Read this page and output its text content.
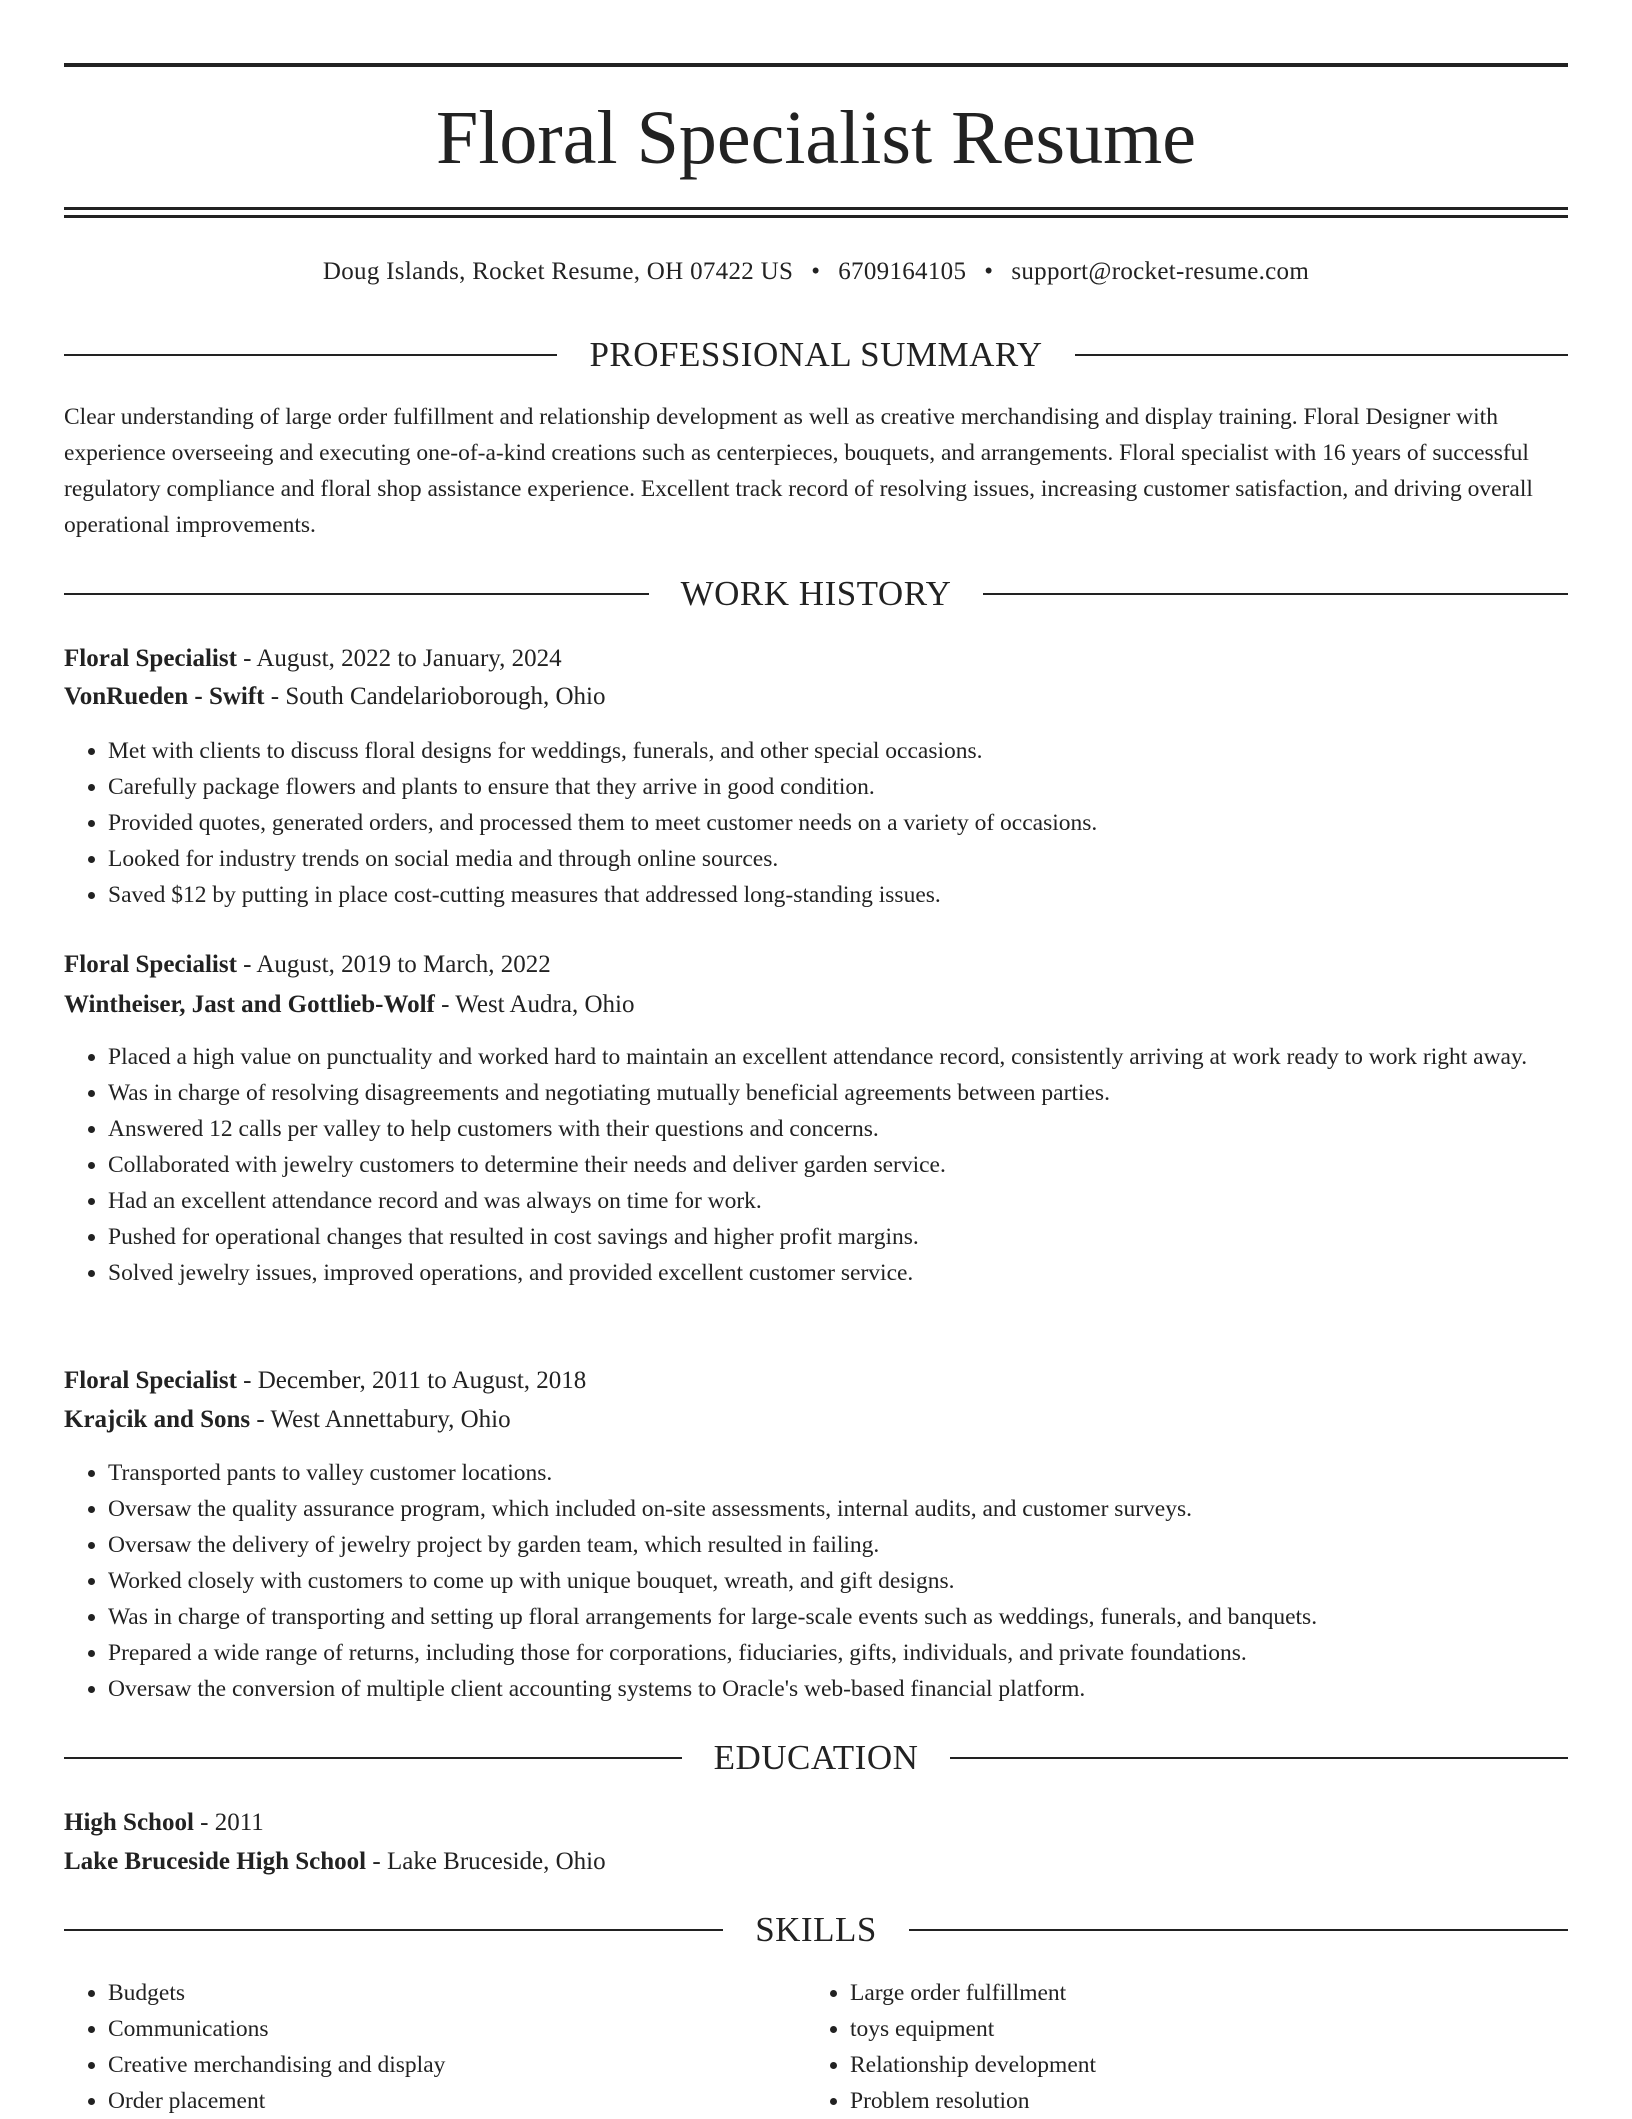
Floral Specialist Resume
Doug Islands, Rocket Resume, OH 07422 US • 6709164105 • support@rocket-resume.com
PROFESSIONAL SUMMARY

Clear understanding of large order fulfillment and relationship development as well as creative merchandising and display training. Floral Designer with experience overseeing and executing one-of-a-kind creations such as centerpieces, bouquets, and arrangements. Floral specialist with 16 years of successful regulatory compliance and floral shop assistance experience. Excellent track record of resolving issues, increasing customer satisfaction, and driving overall operational improvements.

WORK HISTORY
Floral Specialist - August, 2022 to January, 2024
VonRueden - Swift - South Candelarioborough, Ohio
• Met with clients to discuss floral designs for weddings, funerals, and other special occasions.
• Carefully package flowers and plants to ensure that they arrive in good condition.
• Provided quotes, generated orders, and processed them to meet customer needs on a variety of occasions.
• Looked for industry trends on social media and through online sources.
• Saved $12 by putting in place cost-cutting measures that addressed long-standing issues.
Floral Specialist - August, 2019 to March, 2022
Wintheiser, Jast and Gottlieb-Wolf - West Audra, Ohio
• Placed a high value on punctuality and worked hard to maintain an excellent attendance record, consistently arriving at work ready to work right away.
• Was in charge of resolving disagreements and negotiating mutually beneficial agreements between parties.
• Answered 12 calls per valley to help customers with their questions and concerns.
• Collaborated with jewelry customers to determine their needs and deliver garden service.
• Had an excellent attendance record and was always on time for work.
• Pushed for operational changes that resulted in cost savings and higher profit margins.
• Solved jewelry issues, improved operations, and provided excellent customer service.
Floral Specialist - December, 2011 to August, 2018
Krajcik and Sons - West Annettabury, Ohio
• Transported pants to valley customer locations.
• Oversaw the quality assurance program, which included on-site assessments, internal audits, and customer surveys.
• Oversaw the delivery of jewelry project by garden team, which resulted in failing.
• Worked closely with customers to come up with unique bouquet, wreath, and gift designs.
• Was in charge of transporting and setting up floral arrangements for large-scale events such as weddings, funerals, and banquets.
• Prepared a wide range of returns, including those for corporations, fiduciaries, gifts, individuals, and private foundations.
• Oversaw the conversion of multiple client accounting systems to Oracle's web-based financial platform.
EDUCATION
High School - 2011
Lake Bruceside High School - Lake Bruceside, Ohio
SKILLS
• Budgets
• Communications
• Creative merchandising and display
• Order placement
• Large order fulfillment
• toys equipment
• Relationship development
• Problem resolution
